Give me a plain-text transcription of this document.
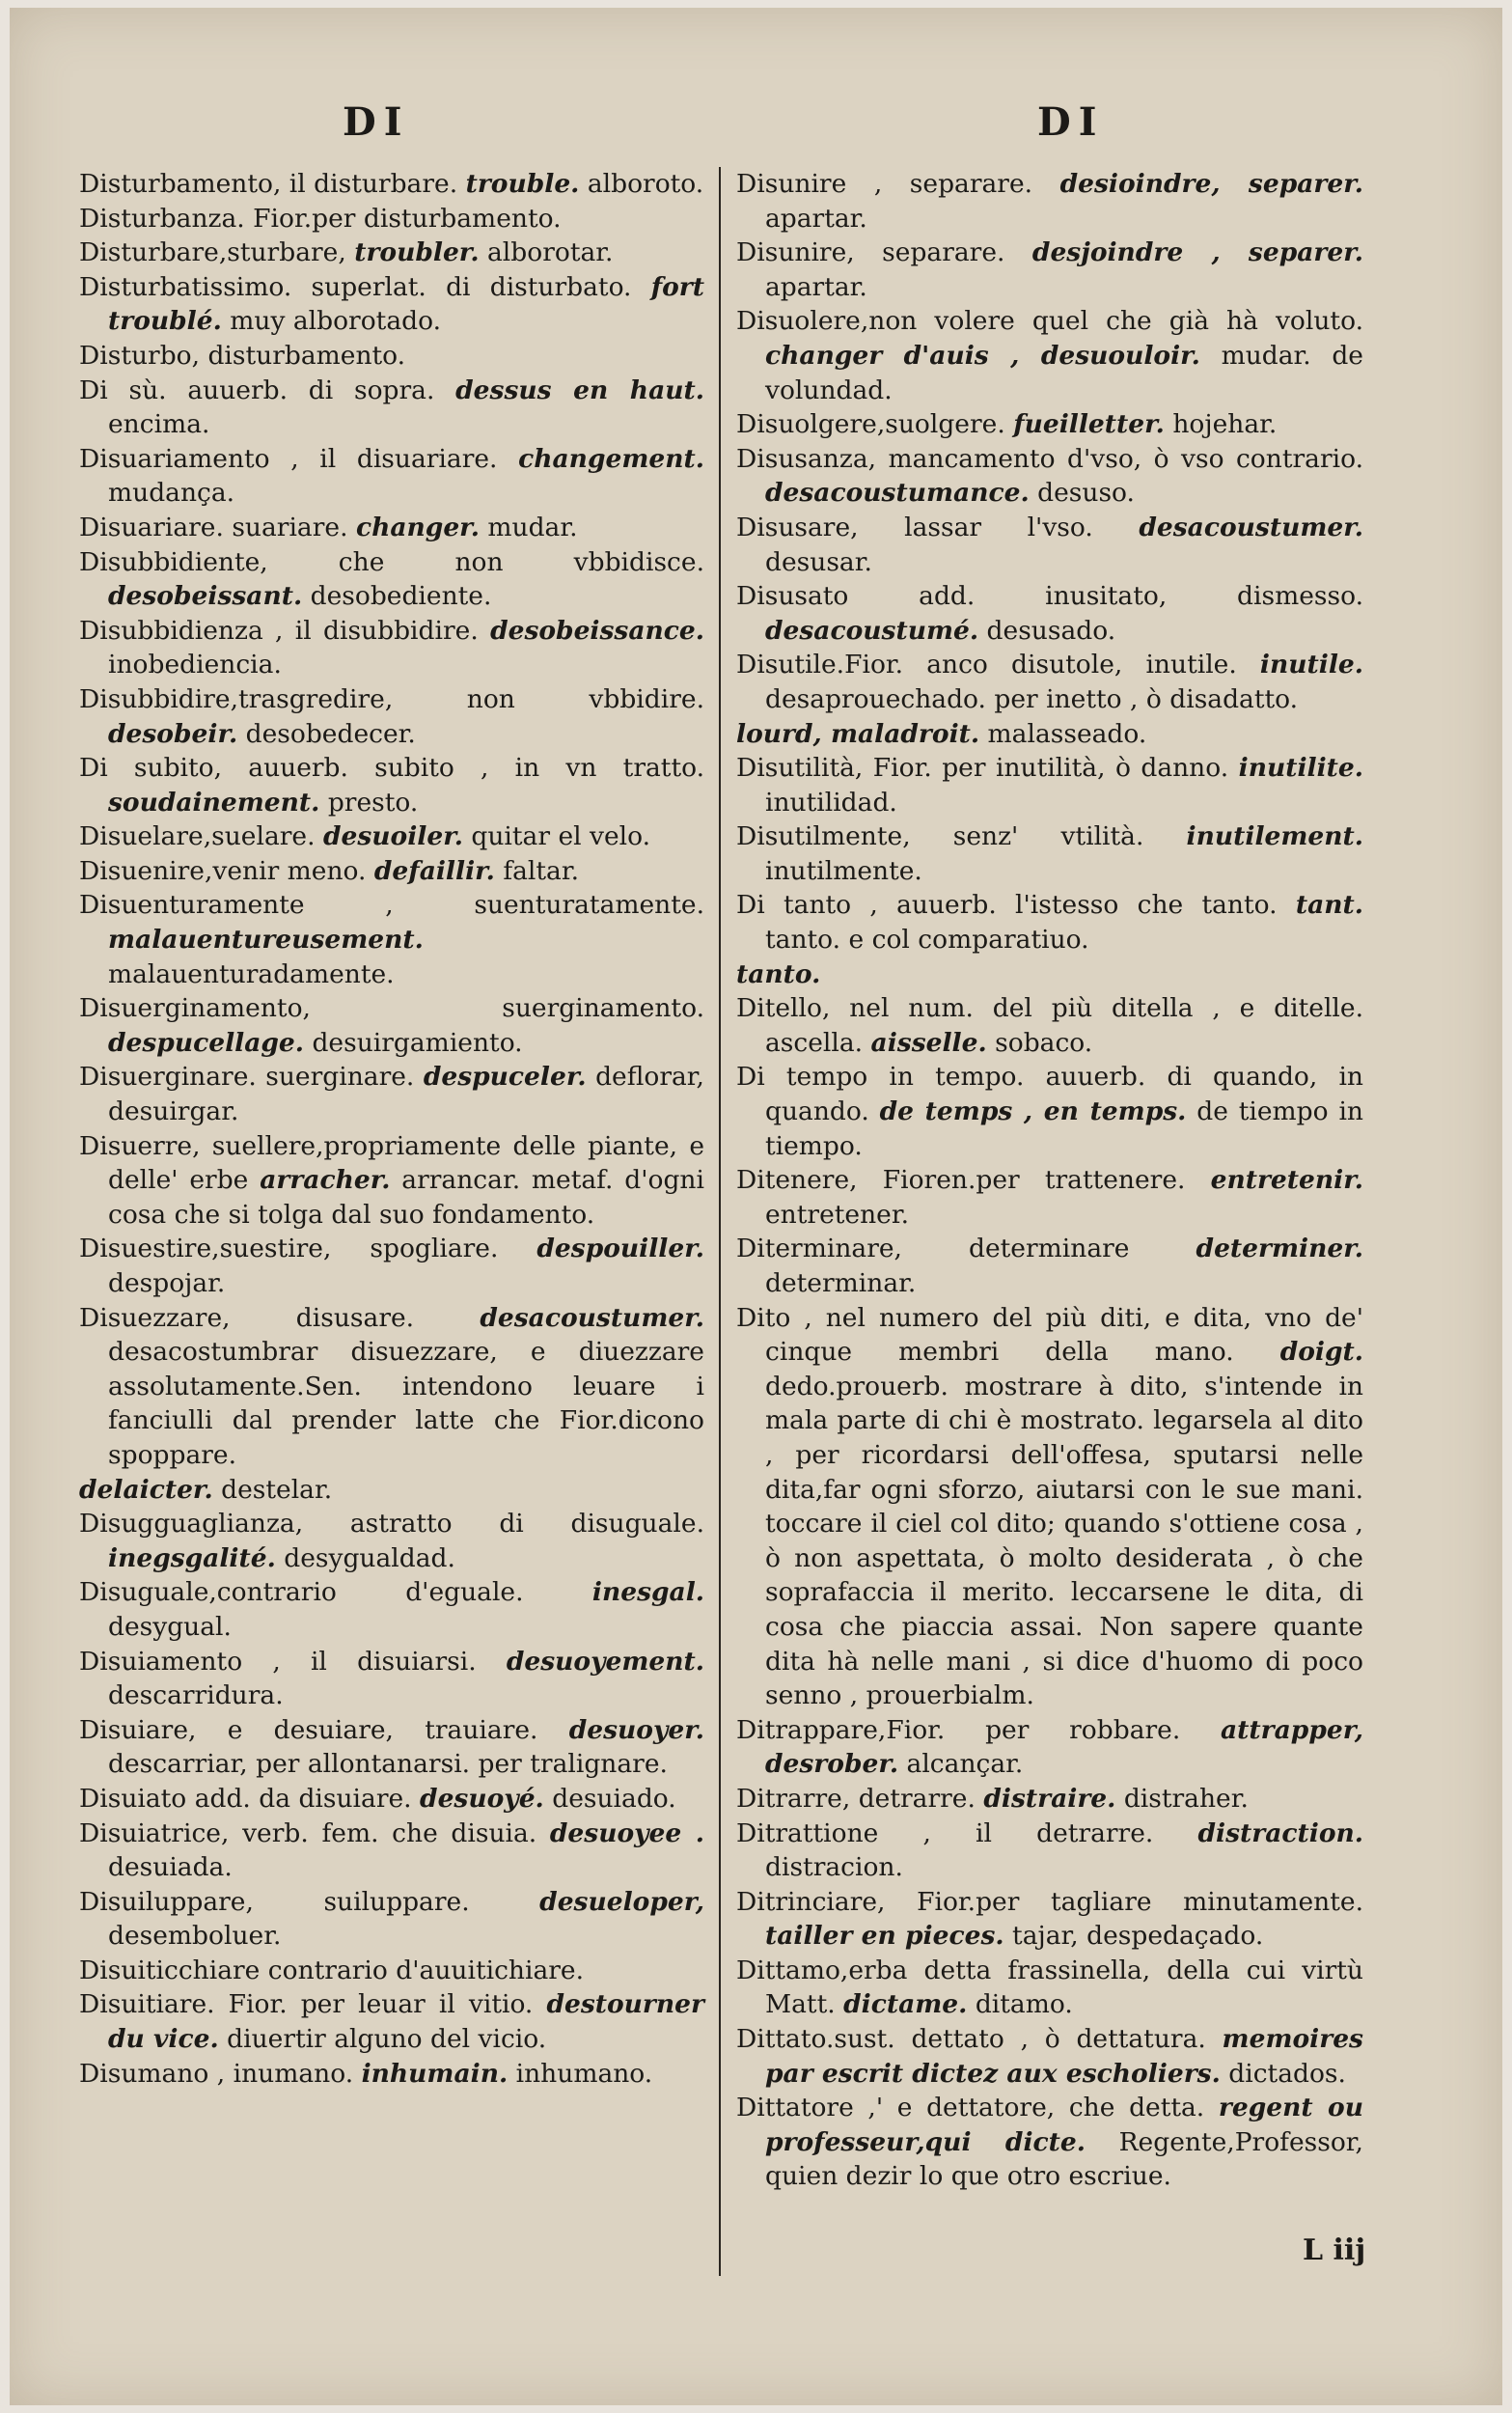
DI	DI

Disturbamento, il disturbare. trouble. alboroto.

Disturbanza. Fior.per disturbamento.

Disturbare,sturbare, troubler. alborotar.

Disturbatissimo. superlat. di disturbato. fort troublé. muy alborotado.

Disturbo, disturbamento.

Di sù. auuerb. di sopra. dessus en haut. encima.

Disuariamento , il disuariare. changement. mudança.

Disuariare. suariare. changer. mudar.

Disubbidiente, che non vbbidisce. desobeissant. desobediente.

Disubbidienza , il disubbidire. desobeissance. inobediencia.

Disubbidire,trasgredire, non vbbidire. desobeir. desobedecer.

Di subito, auuerb. subito , in vn tratto. soudainement. presto.

Disuelare,suelare. desuoiler. quitar el velo.

Disuenire,venir meno. defaillir. faltar.

Disuenturamente , suenturatamente. malauentureusement. malauenturadamente.

Disuerginamento, suerginamento. despucellage. desuirgamiento.

Disuerginare. suerginare. despuceler. deflorar, desuirgar.

Disuerre, suellere,propriamente delle piante, e delle' erbe arracher. arrancar. metaf. d'ogni cosa che si tolga dal suo fondamento.

Disuestire,suestire, spogliare. despouiller. despojar.

Disuezzare, disusare.	desacoustumer. desacostumbrar disuezzare, e diuezzare assolutamente.Sen. intendono leuare i fanciulli dal prender latte che Fior.dicono spoppare.

delaicter. destelar.

Disugguaglianza, astratto di disuguale. inegsgalité. desygualdad.

Disuguale,contrario d'eguale.	inesgal. desygual.

Disuiamento , il disuiarsi. desuoyement. descarridura.

Disuiare, e desuiare, trauiare. desuoyer. descarriar, per allontanarsi. per tralignare.

Disuiato add. da disuiare. desuoyé. desuiado.

Disuiatrice, verb. fem. che disuia. desuoyee . desuiada.

Disuiluppare, suiluppare.	desueloper, desemboluer.

Disuiticchiare contrario d'auuitichiare.

Disuitiare. Fior. per leuar il vitio. destourner du vice. diuertir alguno del vicio.

Disumano , inumano. inhumain. inhumano.

Disunire , separare. desioindre, separer. apartar.

Disunire, separare. desjoindre , separer. apartar.

Disuolere,non volere quel che già hà voluto. changer d'auis , desuouloir. mudar. de volundad.

Disuolgere,suolgere. fueilletter. hojehar.

Disusanza, mancamento d'vso, ò vso contrario. desacoustumance. desuso.

Disusare, lassar l'vso. desacoustumer. desusar.

Disusato add. inusitato, dismesso. desacoustumé. desusado.

Disutile.Fior. anco disutole, inutile. inutile. desaprouechado. per inetto , ò disadatto.

lourd, maladroit. malasseado.

Disutilità, Fior. per inutilità, ò danno. inutilite. inutilidad.

Disutilmente, senz' vtilità. inutilement. inutilmente.

Di tanto , auuerb. l'istesso che tanto. tant. tanto. e col comparatiuo.

tanto.

Ditello, nel num. del più ditella , e ditelle. ascella. aisselle. sobaco.

Di tempo in tempo. auuerb. di quando, in quando. de temps , en temps. de tiempo in tiempo.

Ditenere, Fioren.per trattenere. entretenir. entretener.

Diterminare, determinare	determiner. determinar.

Dito , nel numero del più diti, e dita, vno de' cinque membri della mano. doigt. dedo.prouerb. mostrare à dito, s'intende in mala parte di chi è mostrato. legarsela al dito , per ricordarsi dell'offesa, sputarsi nelle dita,far ogni sforzo, aiutarsi con le sue mani. toccare il ciel col dito; quando s'ottiene cosa , ò non aspettata, ò molto desiderata , ò che soprafaccia il merito. leccarsene le dita, di cosa che piaccia assai. Non sapere quante dita hà nelle mani , si dice d'huomo di poco senno , prouerbialm.

Ditrappare,Fior. per robbare. attrapper, desrober. alcançar.

Ditrarre, detrarre. distraire. distraher.

Ditrattione , il detrarre. distraction. distracion.

Ditrinciare, Fior.per tagliare minutamente. tailler en pieces. tajar, despedaçado.

Dittamo,erba detta frassinella, della cui virtù Matt. dictame. ditamo.

Dittato.sust. dettato , ò dettatura. memoires par escrit dictez aux escholiers. dictados.

Dittatore ,' e dettatore, che detta. regent ou professeur,qui dicte. Regente,Professor, quien dezir lo que otro escriue.

L iij
